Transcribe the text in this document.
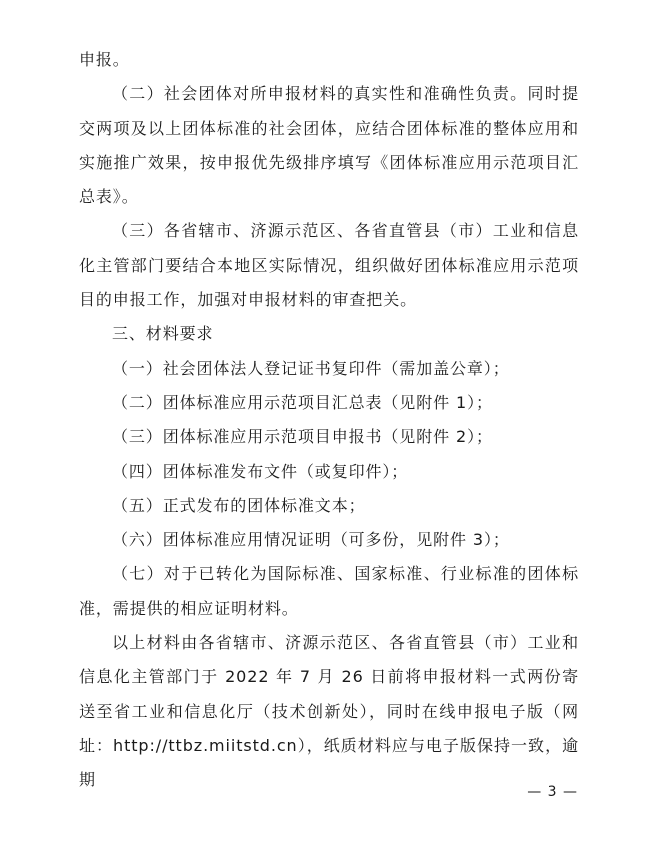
申报。

（二）社会团体对所申报材料的真实性和准确性负责。同时提交两项及以上团体标准的社会团体，应结合团体标准的整体应用和实施推广效果，按申报优先级排序填写《团体标准应用示范项目汇总表》。

（三）各省辖市、济源示范区、各省直管县（市）工业和信息化主管部门要结合本地区实际情况，组织做好团体标准应用示范项目的申报工作，加强对申报材料的审查把关。

三、材料要求

（一）社会团体法人登记证书复印件（需加盖公章）；

（二）团体标准应用示范项目汇总表（见附件 1）；

（三）团体标准应用示范项目申报书（见附件 2）；

（四）团体标准发布文件（或复印件）；

（五）正式发布的团体标准文本；

（六）团体标准应用情况证明（可多份，见附件 3）；

（七）对于已转化为国际标准、国家标准、行业标准的团体标准，需提供的相应证明材料。

以上材料由各省辖市、济源示范区、各省直管县（市）工业和信息化主管部门于 2022 年 7 月 26 日前将申报材料一式两份寄送至省工业和信息化厅（技术创新处），同时在线申报电子版（网址：http://ttbz.miitstd.cn），纸质材料应与电子版保持一致，逾期

— 3 —
